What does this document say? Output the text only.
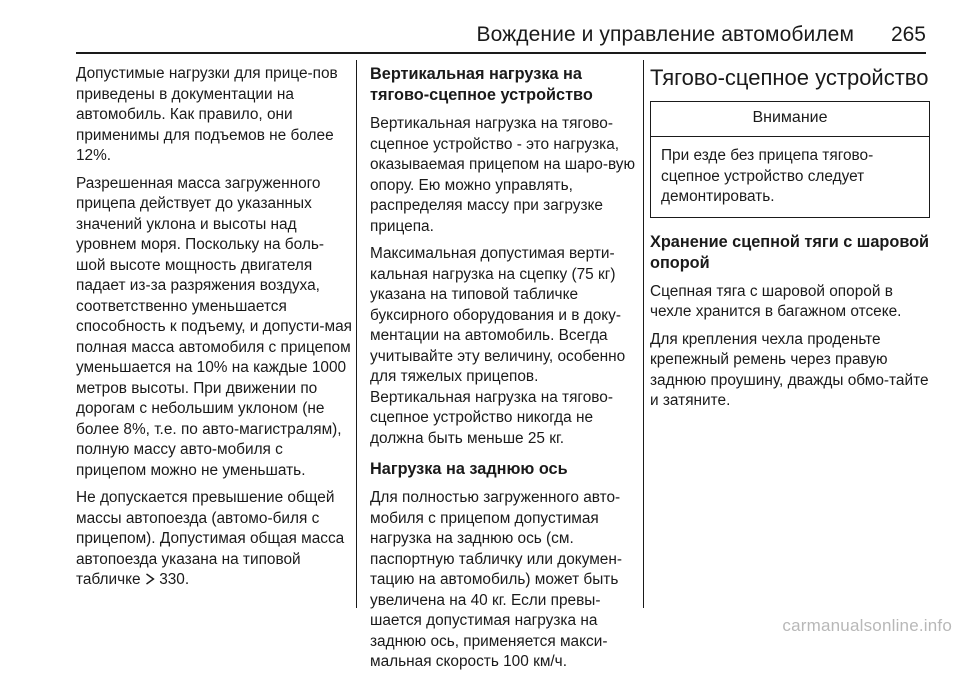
Вождение и управление автомобилем 265

Допустимые нагрузки для прице-пов приведены в документации на автомобиль. Как правило, они применимы для подъемов не более 12%.

Разрешенная масса загруженного прицепа действует до указанных значений уклона и высоты над уровнем моря. Поскольку на боль-шой высоте мощность двигателя падает из-за разряжения воздуха, соответственно уменьшается способность к подъему, и допусти-мая полная масса автомобиля с прицепом уменьшается на 10% на каждые 1000 метров высоты. При движении по дорогам с небольшим уклоном (не более 8%, т.е. по авто-магистралям), полную массу авто-мобиля с прицепом можно не уменьшать.

Не допускается превышение общей массы автопоезда (автомо-биля с прицепом). Допустимая общая масса автопоезда указана на типовой табличке 330.

Вертикальная нагрузка на тягово-сцепное устройство

Вертикальная нагрузка на тягово-сцепное устройство - это нагрузка, оказываемая прицепом на шаро-вую опору. Ею можно управлять, распределяя массу при загрузке прицепа.

Максимальная допустимая верти-кальная нагрузка на сцепку (75 кг) указана на типовой табличке буксирного оборудования и в доку-ментации на автомобиль. Всегда учитывайте эту величину, особенно для тяжелых прицепов. Вертикальная нагрузка на тягово-сцепное устройство никогда не должна быть меньше 25 кг.

Нагрузка на заднюю ось

Для полностью загруженного авто-мобиля с прицепом допустимая нагрузка на заднюю ось (см. паспортную табличку или докумен-тацию на автомобиль) может быть увеличена на 40 кг. Если превы-шается допустимая нагрузка на заднюю ось, применяется макси-мальная скорость 100 км/ч.

Тягово-сцепное устройство
Внимание
При езде без прицепа тягово-сцепное устройство следует демонтировать.
Хранение сцепной тяги с шаровой опорой

Сцепная тяга с шаровой опорой в чехле хранится в багажном отсеке.

Для крепления чехла проденьте крепежный ремень через правую заднюю проушину, дважды обмо-тайте и затяните.

carmanualsonline.info
